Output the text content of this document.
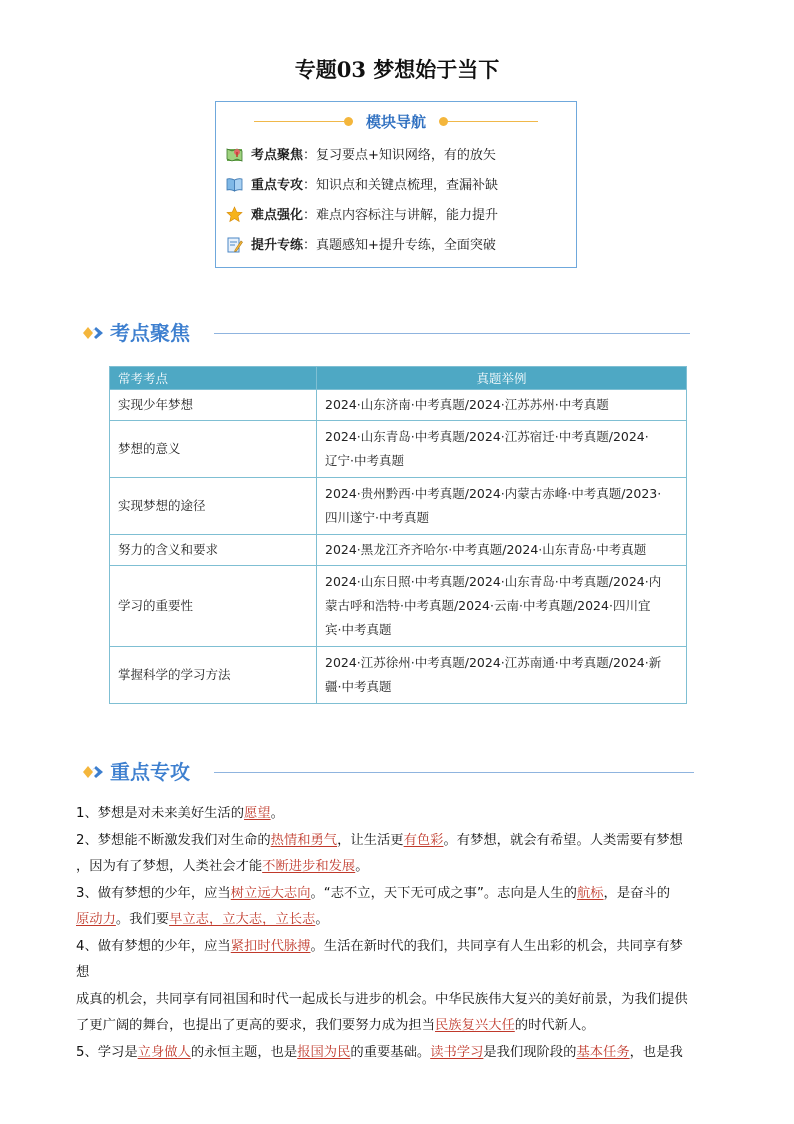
专题03 梦想始于当下
模块导航
考点聚焦：复习要点+知识网络，有的放矢
重点专攻：知识点和关键点梳理，查漏补缺
难点强化：难点内容标注与讲解，能力提升
提升专练：真题感知+提升专练，全面突破
考点聚焦
常考考点	真题举例
实现少年梦想	2024·山东济南·中考真题/2024·江苏苏州·中考真题

梦想的意义	2024·山东青岛·中考真题/2024·江苏宿迁·中考真题/2024·
辽宁·中考真题

实现梦想的途径	2024·贵州黔西·中考真题/2024·内蒙古赤峰·中考真题/2023·
四川遂宁·中考真题

努力的含义和要求	2024·黑龙江齐齐哈尔·中考真题/2024·山东青岛·中考真题

学习的重要性	2024·山东日照·中考真题/2024·山东青岛·中考真题/2024·内
蒙古呼和浩特·中考真题/2024·云南·中考真题/2024·四川宜
宾·中考真题

掌握科学的学习方法	2024·江苏徐州·中考真题/2024·江苏南通·中考真题/2024·新
疆·中考真题
重点专攻
1、梦想是对未来美好生活的愿望。
2、梦想能不断激发我们对生命的热情和勇气，让生活更有色彩。有梦想，就会有希望。人类需要有梦想
，因为有了梦想，人类社会才能不断进步和发展。
3、做有梦想的少年，应当树立远大志向。“志不立，天下无可成之事”。志向是人生的航标，是奋斗的
原动力。我们要早立志，立大志，立长志。
4、做有梦想的少年，应当紧扣时代脉搏。生活在新时代的我们，共同享有人生出彩的机会，共同享有梦
想
成真的机会，共同享有同祖国和时代一起成长与进步的机会。中华民族伟大复兴的美好前景，为我们提供
了更广阔的舞台，也提出了更高的要求，我们要努力成为担当民族复兴大任的时代新人。
5、学习是立身做人的永恒主题，也是报国为民的重要基础。读书学习是我们现阶段的基本任务，也是我
